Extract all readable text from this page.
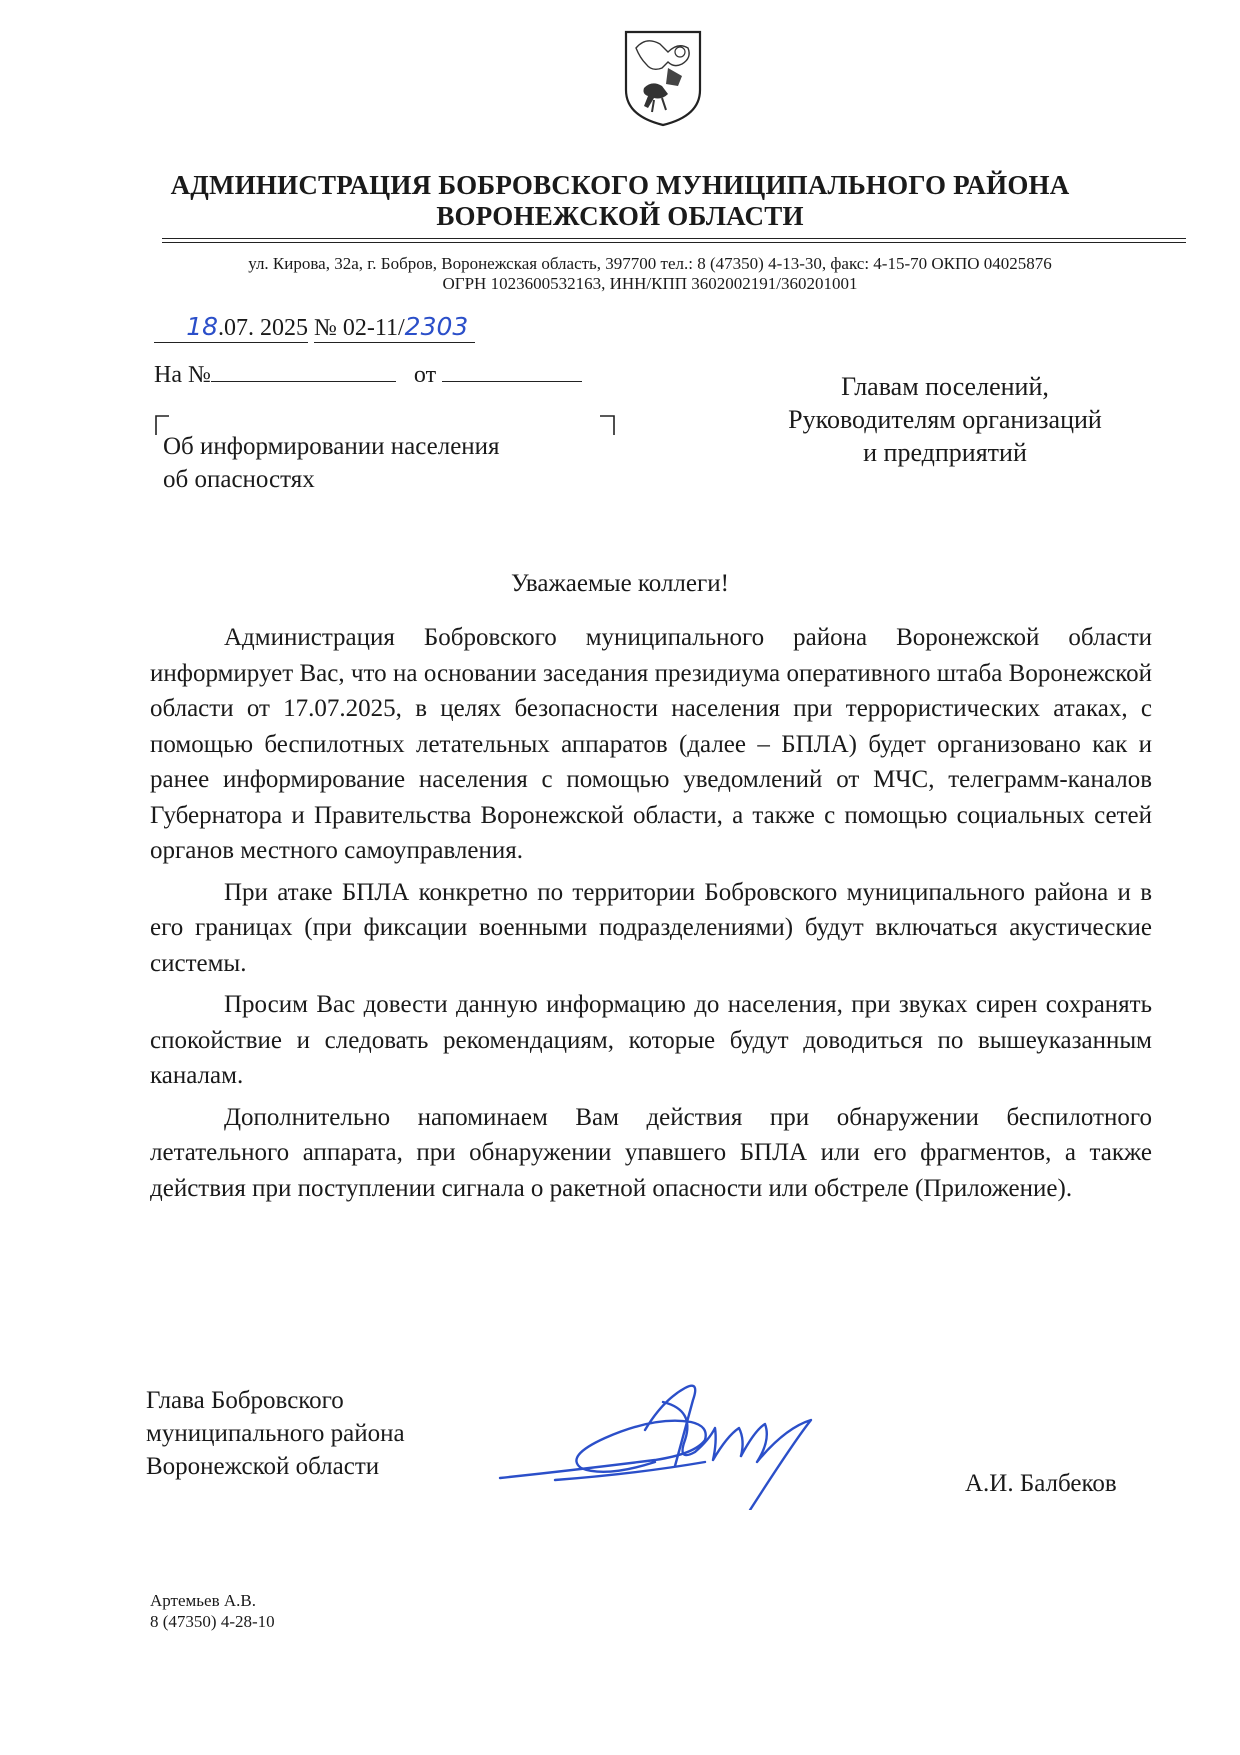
АДМИНИСТРАЦИЯ БОБРОВСКОГО МУНИЦИПАЛЬНОГО РАЙОНА
ВОРОНЕЖСКОЙ ОБЛАСТИ
ул. Кирова, 32а, г. Бобров, Воронежская область, 397700 тел.: 8 (47350) 4-13-30, факс: 4-15-70 ОКПО 04025876
ОГРН 1023600532163, ИНН/КПП 3602002191/360201001
18.07. 2025 № 02-11/2303
На №	от
Об информировании населения
об опасностях
Главам поселений,
Руководителям организаций
и предприятий
Уважаемые коллеги!

Администрация Бобровского муниципального района Воронежской области информирует Вас, что на основании заседания президиума оперативного штаба Воронежской области от 17.07.2025, в целях безопасности населения при террористических атаках, с помощью беспилотных летательных аппаратов (далее – БПЛА) будет организовано как и ранее информирование населения с помощью уведомлений от МЧС, телеграмм-каналов Губернатора и Правительства Воронежской области, а также с помощью социальных сетей органов местного самоуправления.

При атаке БПЛА конкретно по территории Бобровского муниципального района и в его границах (при фиксации военными подразделениями) будут включаться акустические системы.

Просим Вас довести данную информацию до населения, при звуках сирен сохранять спокойствие и следовать рекомендациям, которые будут доводиться по вышеуказанным каналам.

Дополнительно напоминаем Вам действия при обнаружении беспилотного летательного аппарата, при обнаружении упавшего БПЛА или его фрагментов, а также действия при поступлении сигнала о ракетной опасности или обстреле (Приложение).

Глава Бобровского
муниципального района
Воронежской области
А.И. Балбеков
Артемьев А.В.
8 (47350) 4-28-10
